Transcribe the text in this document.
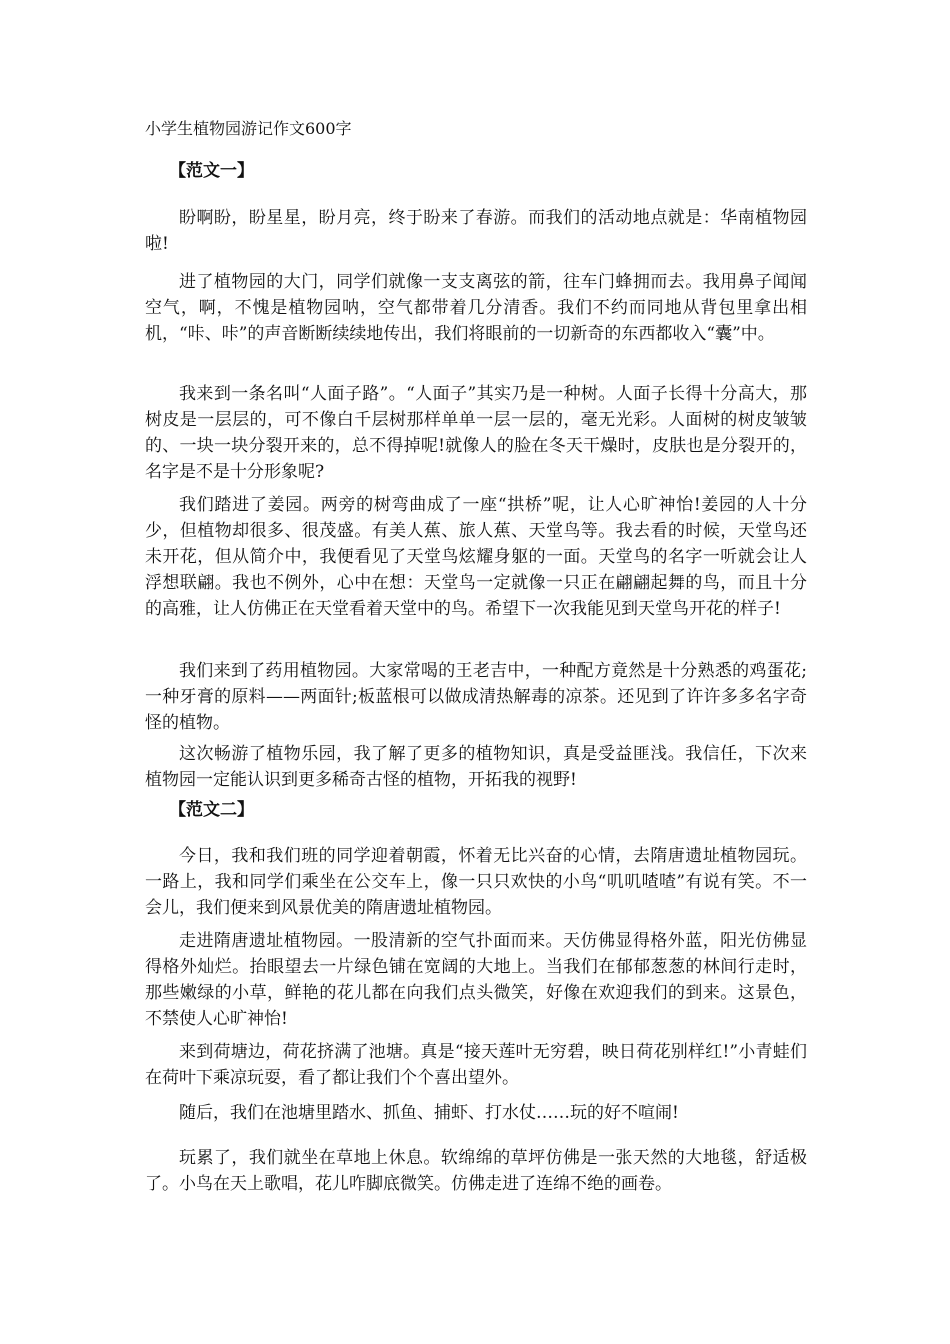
小学生植物园游记作文600字
【范文一】

盼啊盼，盼星星，盼月亮，终于盼来了春游。而我们的活动地点就是：华南植物园啦!

进了植物园的大门，同学们就像一支支离弦的箭，往车门蜂拥而去。我用鼻子闻闻空气，啊，不愧是植物园呐，空气都带着几分清香。我们不约而同地从背包里拿出相机，“咔、咔”的声音断断续续地传出，我们将眼前的一切新奇的东西都收入“囊”中。

我来到一条名叫“人面子路”。“人面子”其实乃是一种树。人面子长得十分高大，那树皮是一层层的，可不像白千层树那样单单一层一层的，毫无光彩。人面树的树皮皱皱的、一块一块分裂开来的，总不得掉呢!就像人的脸在冬天干燥时，皮肤也是分裂开的，名字是不是十分形象呢?

我们踏进了姜园。两旁的树弯曲成了一座“拱桥”呢，让人心旷神怡!姜园的人十分少，但植物却很多、很茂盛。有美人蕉、旅人蕉、天堂鸟等。我去看的时候，天堂鸟还未开花，但从简介中，我便看见了天堂鸟炫耀身躯的一面。天堂鸟的名字一听就会让人浮想联翩。我也不例外，心中在想：天堂鸟一定就像一只正在翩翩起舞的鸟，而且十分的高雅，让人仿佛正在天堂看着天堂中的鸟。希望下一次我能见到天堂鸟开花的样子!

我们来到了药用植物园。大家常喝的王老吉中，一种配方竟然是十分熟悉的鸡蛋花;一种牙膏的原料——两面针;板蓝根可以做成清热解毒的凉茶。还见到了许许多多名字奇怪的植物。

这次畅游了植物乐园，我了解了更多的植物知识，真是受益匪浅。我信任，下次来植物园一定能认识到更多稀奇古怪的植物，开拓我的视野!

【范文二】

今日，我和我们班的同学迎着朝霞，怀着无比兴奋的心情，去隋唐遗址植物园玩。一路上，我和同学们乘坐在公交车上，像一只只欢快的小鸟“叽叽喳喳”有说有笑。不一会儿，我们便来到风景优美的隋唐遗址植物园。

走进隋唐遗址植物园。一股清新的空气扑面而来。天仿佛显得格外蓝，阳光仿佛显得格外灿烂。抬眼望去一片绿色铺在宽阔的大地上。当我们在郁郁葱葱的林间行走时，那些嫩绿的小草，鲜艳的花儿都在向我们点头微笑，好像在欢迎我们的到来。这景色，不禁使人心旷神怡!

来到荷塘边，荷花挤满了池塘。真是“接天莲叶无穷碧，映日荷花别样红!”小青蛙们在荷叶下乘凉玩耍，看了都让我们个个喜出望外。

随后，我们在池塘里踏水、抓鱼、捕虾、打水仗……玩的好不喧闹!

玩累了，我们就坐在草地上休息。软绵绵的草坪仿佛是一张天然的大地毯，舒适极了。小鸟在天上歌唱，花儿咋脚底微笑。仿佛走进了连绵不绝的画卷。
